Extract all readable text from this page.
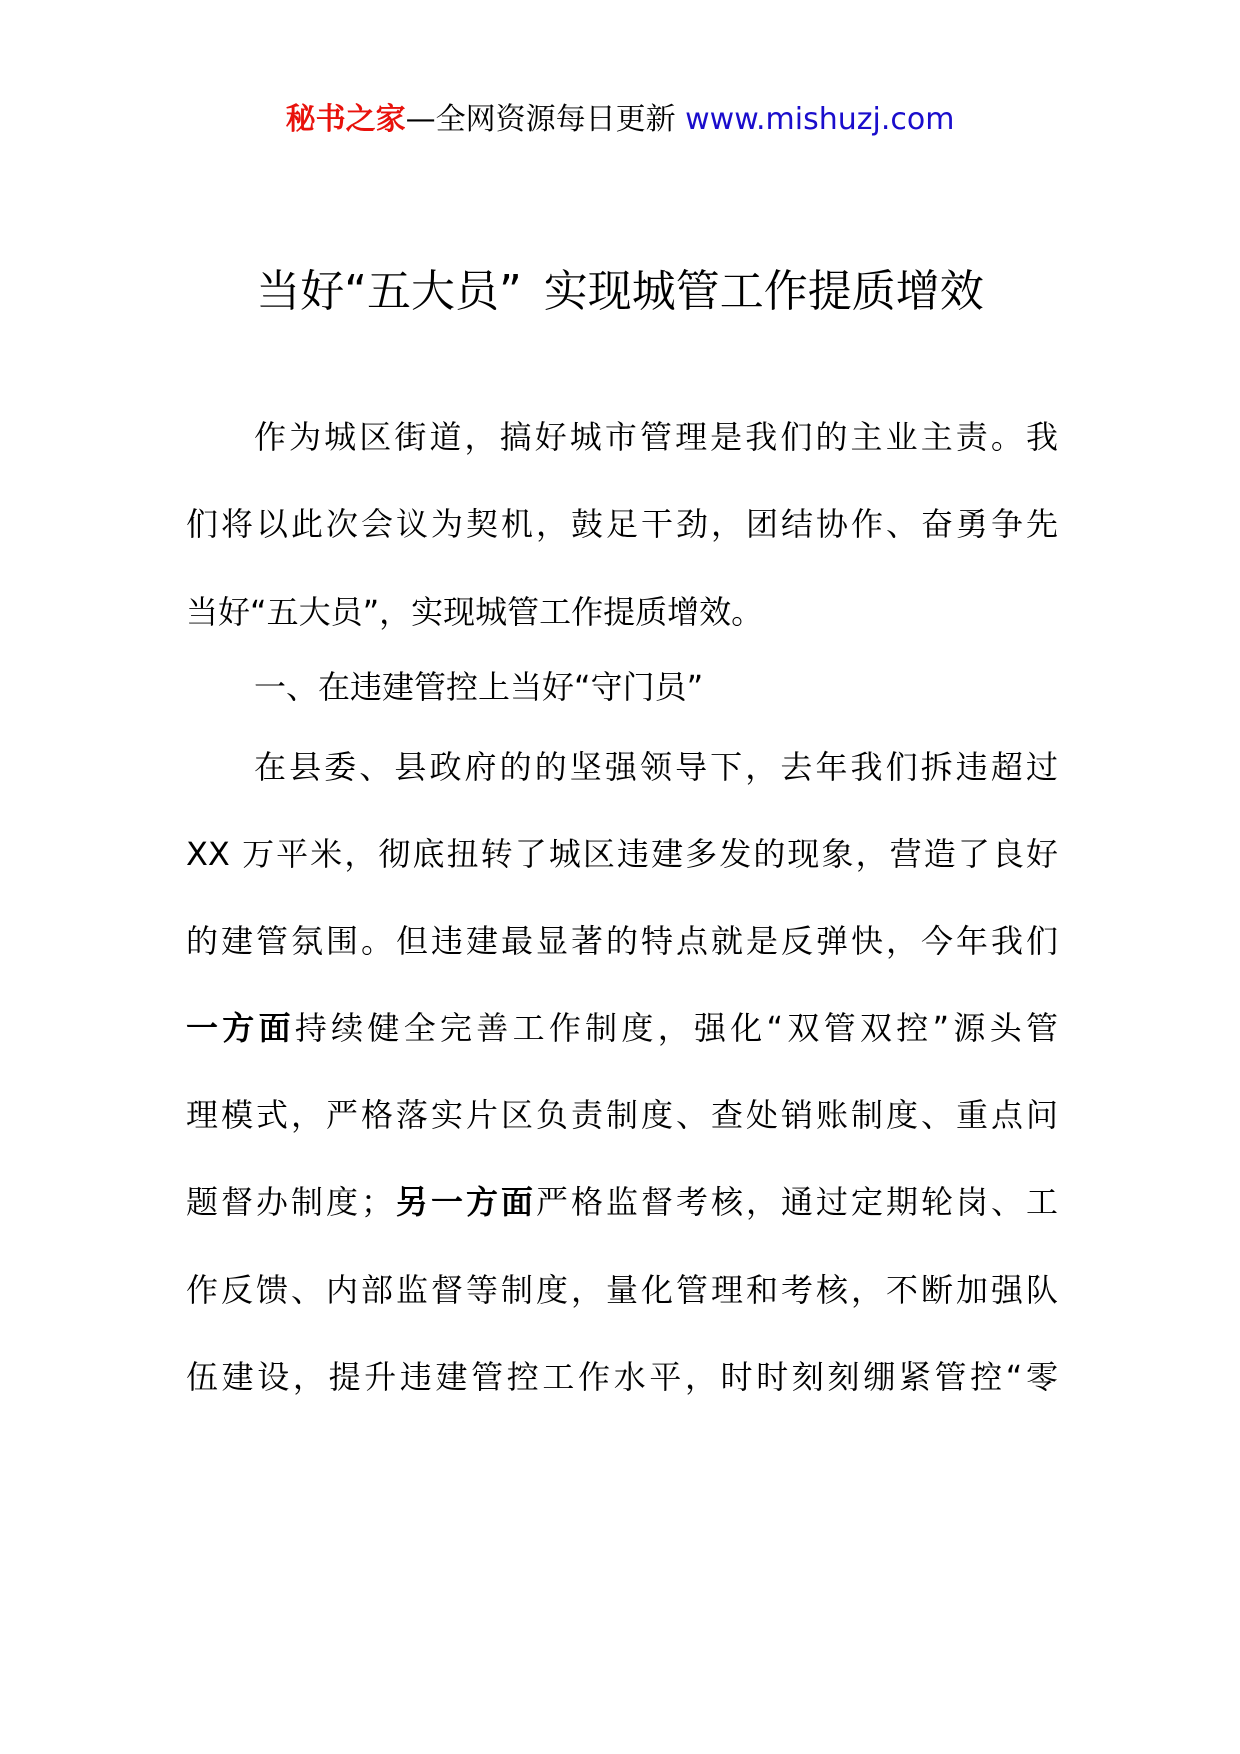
秘书之家—全网资源每日更新 www.mishuzj.com
当好“五大员” 实现城管工作提质增效
作为城区街道，搞好城市管理是我们的主业主责。我
们将以此次会议为契机，鼓足干劲，团结协作、奋勇争先
当好“五大员”，实现城管工作提质增效。
一、在违建管控上当好“守门员”
在县委、县政府的的坚强领导下，去年我们拆违超过
XX 万平米，彻底扭转了城区违建多发的现象，营造了良好
的建管氛围。但违建最显著的特点就是反弹快，今年我们
一方面持续健全完善工作制度，强化“双管双控”源头管
理模式，严格落实片区负责制度、查处销账制度、重点问
题督办制度；另一方面严格监督考核，通过定期轮岗、工
作反馈、内部监督等制度，量化管理和考核，不断加强队
伍建设，提升违建管控工作水平，时时刻刻绷紧管控“零
